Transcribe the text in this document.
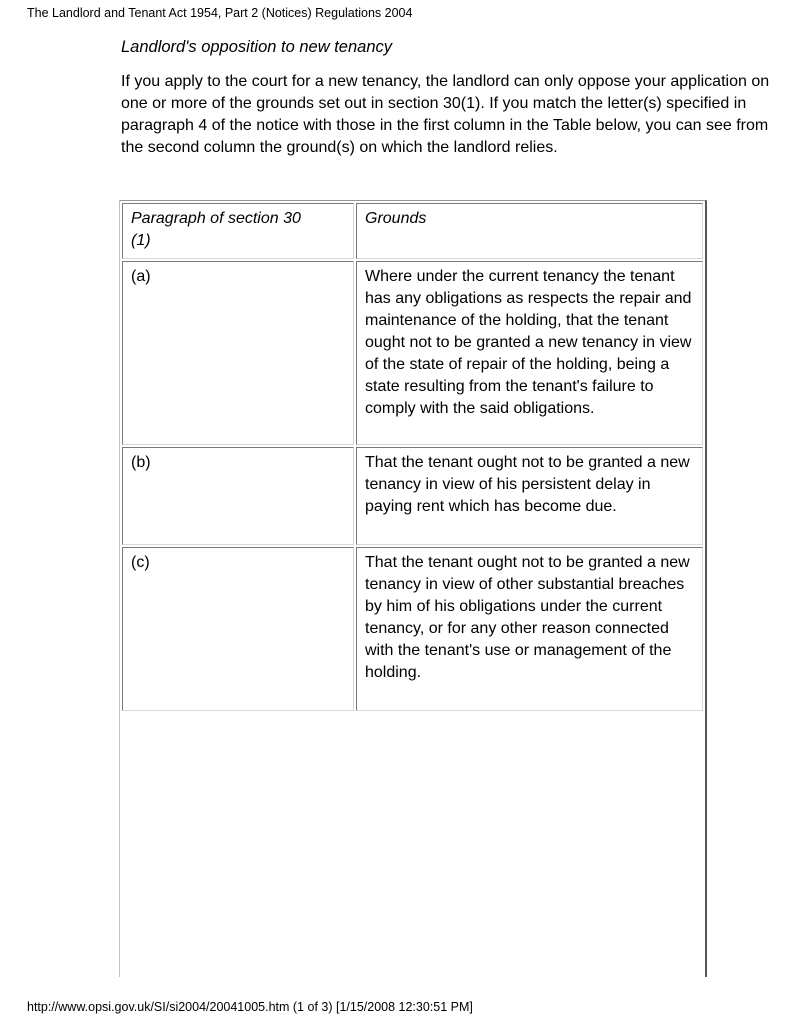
The Landlord and Tenant Act 1954, Part 2 (Notices) Regulations 2004
Landlord's opposition to new tenancy
If you apply to the court for a new tenancy, the landlord can only oppose your application on one or more of the grounds set out in section 30(1). If you match the letter(s) specified in paragraph 4 of the notice with those in the first column in the Table below, you can see from the second column the ground(s) on which the landlord relies.
Paragraph of section 30 (1)	Grounds
(a)	Where under the current tenancy the tenant has any obligations as respects the repair and maintenance of the holding, that the tenant ought not to be granted a new tenancy in view of the state of repair of the holding, being a state resulting from the tenant's failure to comply with the said obligations.
(b)	That the tenant ought not to be granted a new tenancy in view of his persistent delay in paying rent which has become due.
(c)	That the tenant ought not to be granted a new tenancy in view of other substantial breaches by him of his obligations under the current tenancy, or for any other reason connected with the tenant's use or management of the holding.
http://www.opsi.gov.uk/SI/si2004/20041005.htm (1 of 3) [1/15/2008 12:30:51 PM]
